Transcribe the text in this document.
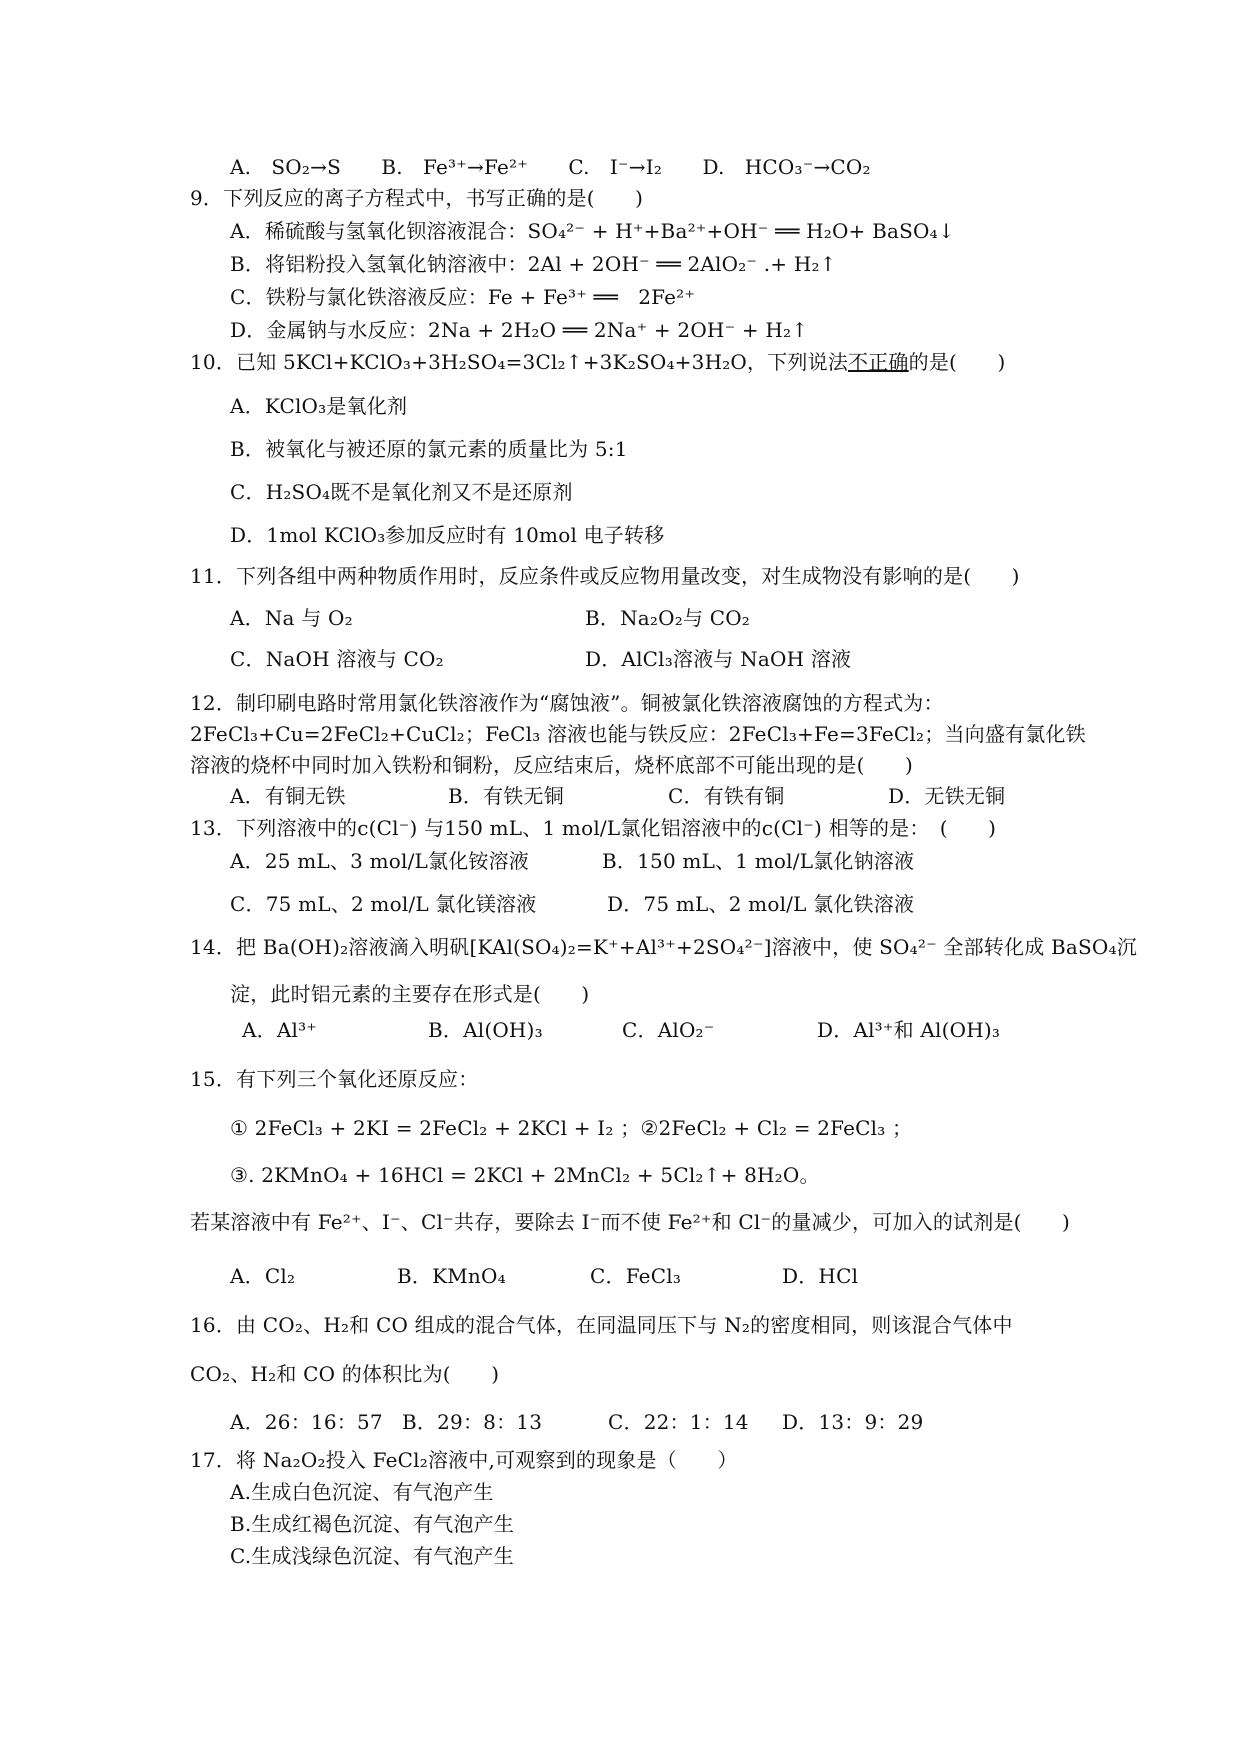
A.　SO₂→S　　B.　Fe³⁺→Fe²⁺　　C.　I⁻→I₂　　D.　HCO₃⁻→CO₂
9．下列反应的离子方程式中，书写正确的是(　　)
A．稀硫酸与氢氧化钡溶液混合：SO₄²⁻ + H⁺+Ba²⁺+OH⁻ ══ H₂O+ BaSO₄↓
B．将铝粉投入氢氧化钠溶液中：2Al + 2OH⁻ ══ 2AlO₂⁻ .+ H₂↑
C．铁粉与氯化铁溶液反应：Fe + Fe³⁺ ══　2Fe²⁺
D．金属钠与水反应：2Na + 2H₂O ══ 2Na⁺ + 2OH⁻ + H₂↑
10．已知 5KCl+KClO₃+3H₂SO₄=3Cl₂↑+3K₂SO₄+3H₂O，下列说法不正确的是(　　)
A．KClO₃是氧化剂
B．被氧化与被还原的氯元素的质量比为 5:1
C．H₂SO₄既不是氧化剂又不是还原剂
D．1mol KClO₃参加反应时有 10mol 电子转移
11．下列各组中两种物质作用时，反应条件或反应物用量改变，对生成物没有影响的是(　　)
A．Na 与 O₂	B．Na₂O₂与 CO₂
C．NaOH 溶液与 CO₂	D．AlCl₃溶液与 NaOH 溶液
12．制印刷电路时常用氯化铁溶液作为“腐蚀液”。铜被氯化铁溶液腐蚀的方程式为：
2FeCl₃+Cu=2FeCl₂+CuCl₂；FeCl₃ 溶液也能与铁反应：2FeCl₃+Fe=3FeCl₂；当向盛有氯化铁
溶液的烧杯中同时加入铁粉和铜粉，反应结束后，烧杯底部不可能出现的是(　　)
A．有铜无铁	B．有铁无铜	C．有铁有铜	D．无铁无铜
13．下列溶液中的c(Cl⁻) 与150 mL、1 mol/L氯化铝溶液中的c(Cl⁻) 相等的是：　(　　)
A．25 mL、3 mol/L氯化铵溶液	B．150 mL、1 mol/L氯化钠溶液
C．75 mL、2 mol/L 氯化镁溶液	D．75 mL、2 mol/L 氯化铁溶液
14．把 Ba(OH)₂溶液滴入明矾[KAl(SO₄)₂=K⁺+Al³⁺+2SO₄²⁻]溶液中，使 SO₄²⁻ 全部转化成 BaSO₄沉
淀，此时铝元素的主要存在形式是(　　)
A．Al³⁺	B．Al(OH)₃	C．AlO₂⁻	D．Al³⁺和 Al(OH)₃
15．有下列三个氧化还原反应：
① 2FeCl₃ + 2KI = 2FeCl₂ + 2KCl + I₂ ；②2FeCl₂ + Cl₂ = 2FeCl₃ ；
③. 2KMnO₄ + 16HCl = 2KCl + 2MnCl₂ + 5Cl₂↑+ 8H₂O。
若某溶液中有 Fe²⁺、I⁻、Cl⁻共存，要除去 I⁻而不使 Fe²⁺和 Cl⁻的量减少，可加入的试剂是(　　)
A．Cl₂	B．KMnO₄	C．FeCl₃	D．HCl
16．由 CO₂、H₂和 CO 组成的混合气体，在同温同压下与 N₂的密度相同，则该混合气体中
CO₂、H₂和 CO 的体积比为(　　)
A．26：16：57 B．29：8：13	C．22：1：14 D．13：9：29
17．将 Na₂O₂投入 FeCl₂溶液中,可观察到的现象是（　　）
A.生成白色沉淀、有气泡产生
B.生成红褐色沉淀、有气泡产生
C.生成浅绿色沉淀、有气泡产生
